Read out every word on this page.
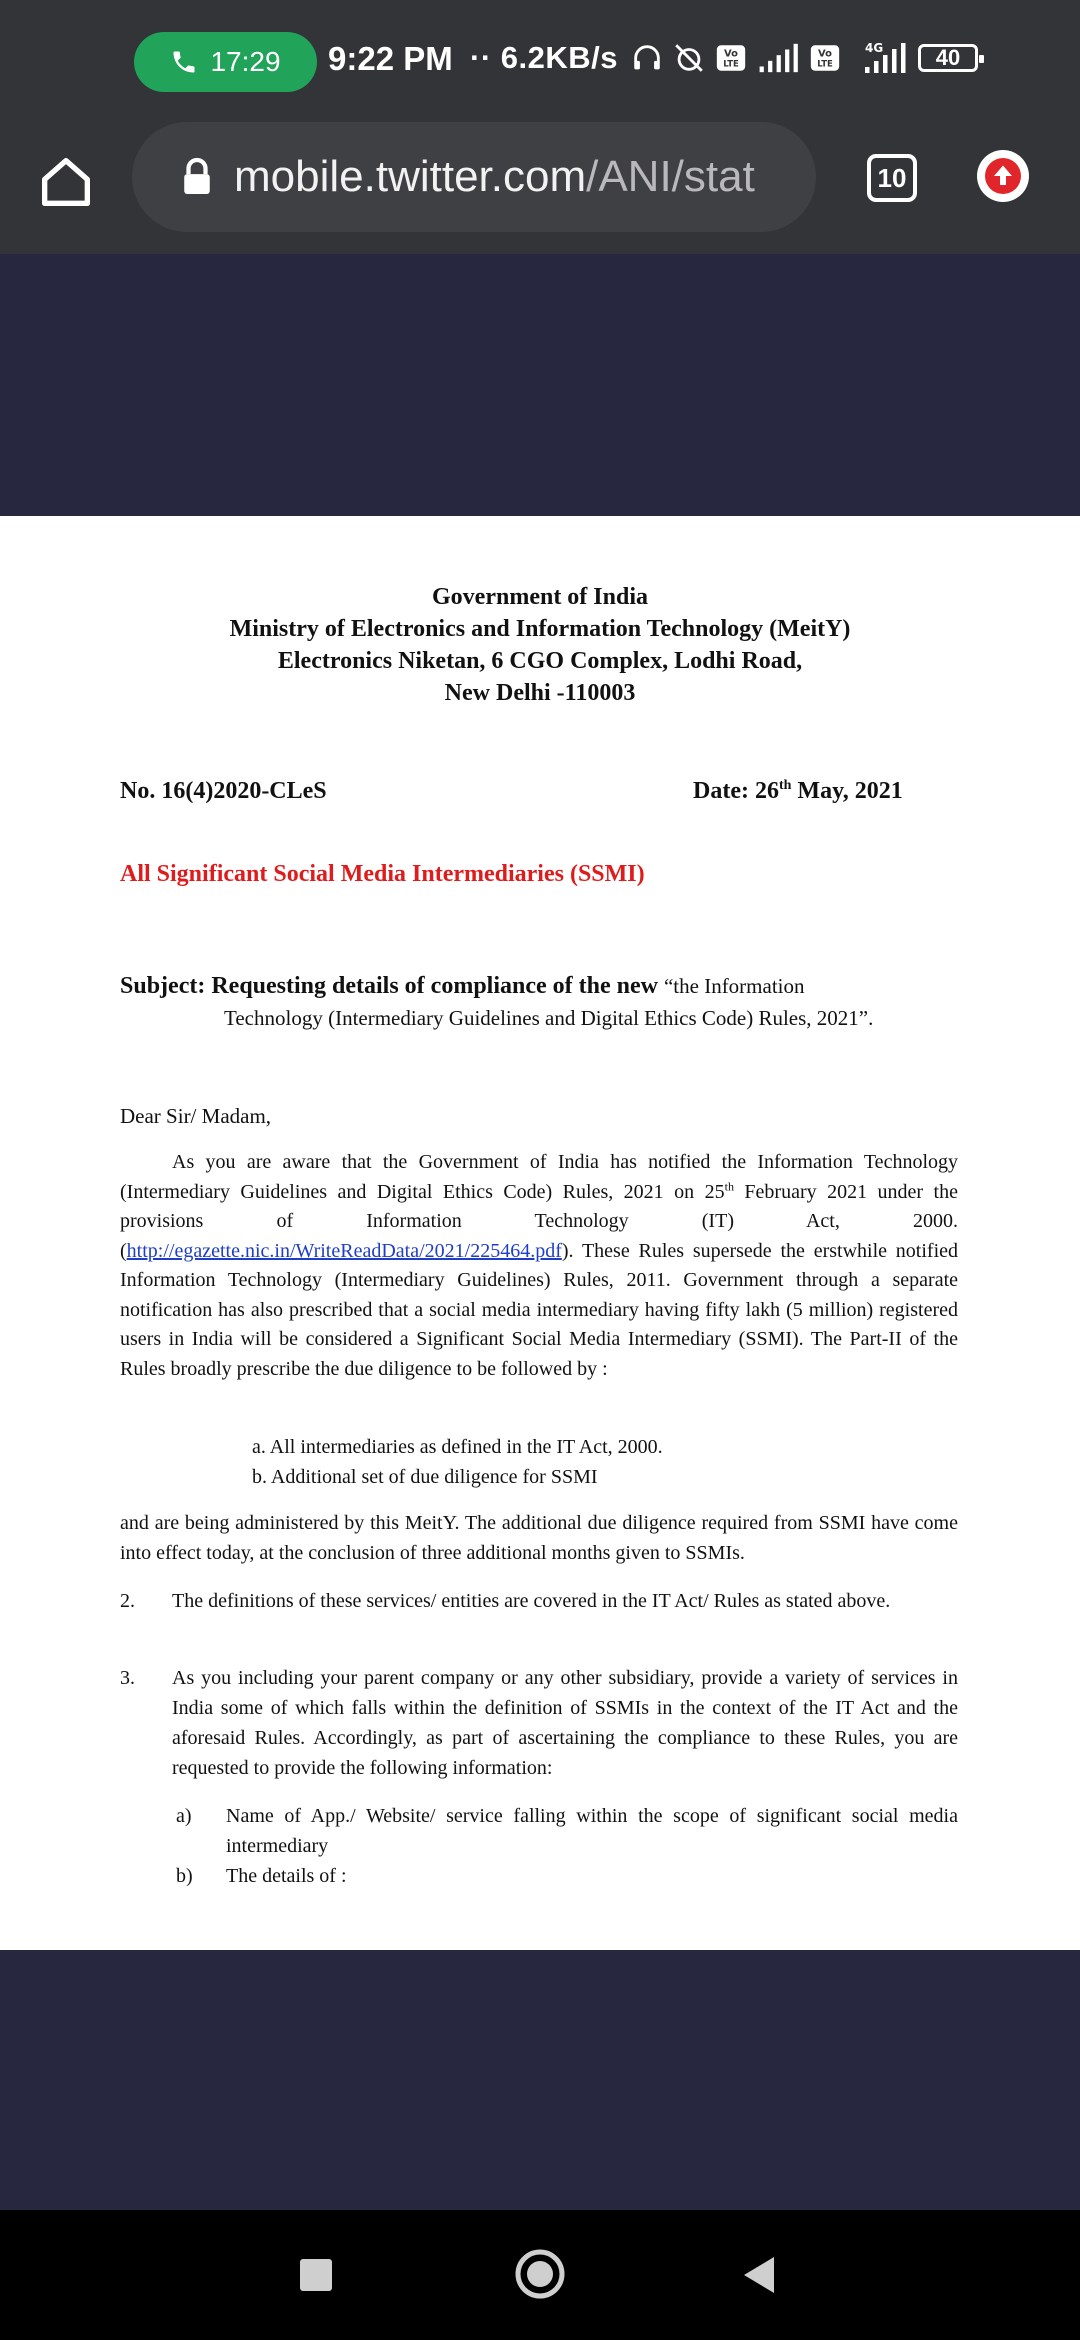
17:29 9:22 PM ·· 6.2KB/s	Vo
LTE
Vo
LTE
4G	40
mobile.twitter.com/ANI/stat	10
Government of India
Ministry of Electronics and Information Technology (MeitY)
Electronics Niketan, 6 CGO Complex, Lodhi Road,
New Delhi -110003
No. 16(4)2020-CLeS	Date: 26th May, 2021
All Significant Social Media Intermediaries (SSMI)
Subject: Requesting details of compliance of the new “the Information
Technology (Intermediary Guidelines and Digital Ethics Code) Rules, 2021”.
Dear Sir/ Madam,
As you are aware that the Government of India has notified the Information Technology (Intermediary Guidelines and Digital Ethics Code) Rules, 2021 on 25th February 2021 under the provisions of Information Technology (IT) Act, 2000. (http://egazette.nic.in/WriteReadData/2021/225464.pdf). These Rules supersede the erstwhile notified Information Technology (Intermediary Guidelines) Rules, 2011. Government through a separate notification has also prescribed that a social media intermediary having fifty lakh (5 million) registered users in India will be considered a Significant Social Media Intermediary (SSMI). The Part-II of the Rules broadly prescribe the due diligence to be followed by :
a. All intermediaries as defined in the IT Act, 2000.
b. Additional set of due diligence for SSMI
and are being administered by this MeitY. The additional due diligence required from SSMI have come into effect today, at the conclusion of three additional months given to SSMIs.
2. The definitions of these services/ entities are covered in the IT Act/ Rules as stated above.
3. As you including your parent company or any other subsidiary, provide a variety of services in India some of which falls within the definition of SSMIs in the context of the IT Act and the aforesaid Rules. Accordingly, as part of ascertaining the compliance to these Rules, you are requested to provide the following information:
a) Name of App./ Website/ service falling within the scope of significant social media intermediary
b) The details of :
